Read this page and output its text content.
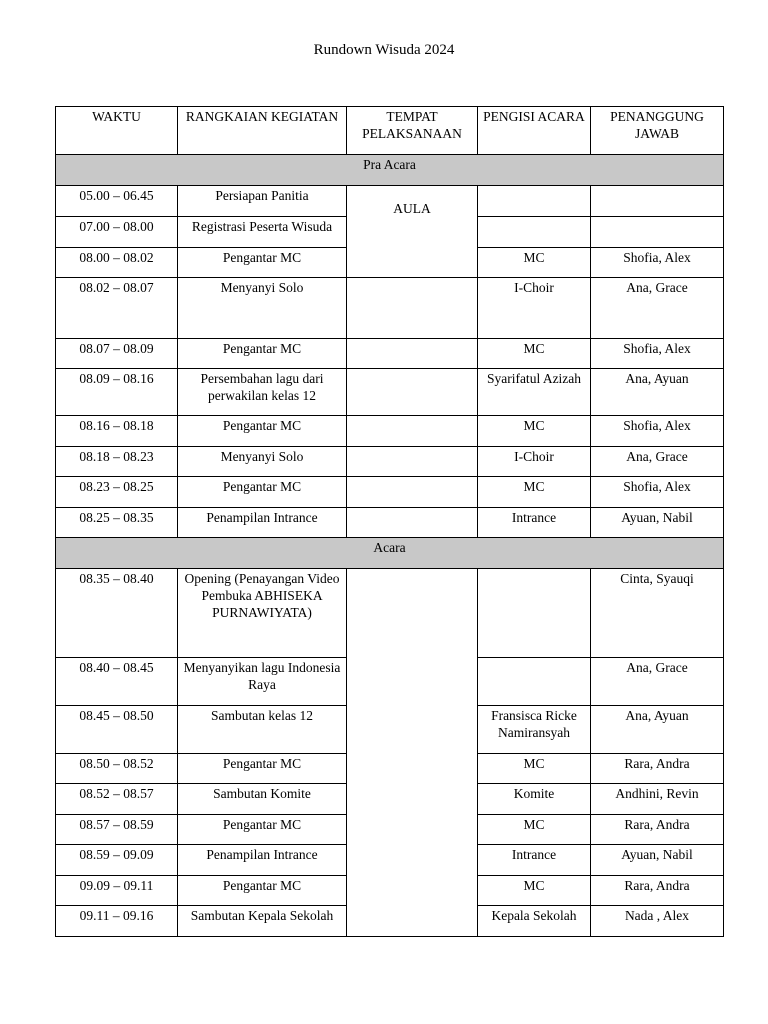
Rundown Wisuda 2024
WAKTU	RANGKAIAN KEGIATAN	TEMPAT PELAKSANAAN	PENGISI ACARA	PENANGGUNG JAWAB
Pra Acara				
05.00 – 06.45	Persiapan Panitia	AULA		
07.00 – 08.00	Registrasi Peserta Wisuda			
08.00 – 08.02	Pengantar MC		MC	Shofia, Alex
08.02 – 08.07	Menyanyi Solo		I-Choir	Ana, Grace
08.07 – 08.09	Pengantar MC		MC	Shofia, Alex
08.09 – 08.16	Persembahan lagu dari perwakilan kelas 12		Syarifatul Azizah	Ana, Ayuan
08.16 – 08.18	Pengantar MC		MC	Shofia, Alex
08.18 – 08.23	Menyanyi Solo		I-Choir	Ana, Grace
08.23 – 08.25	Pengantar MC		MC	Shofia, Alex
08.25 – 08.35	Penampilan Intrance		Intrance	Ayuan, Nabil
Acara				
08.35 – 08.40	Opening (Penayangan Video Pembuka ABHISEKA PURNAWIYATA)			Cinta, Syauqi
08.40 – 08.45	Menyanyikan lagu Indonesia Raya			Ana, Grace
08.45 – 08.50	Sambutan kelas 12		Fransisca Ricke Namiransyah	Ana, Ayuan
08.50 – 08.52	Pengantar MC		MC	Rara, Andra
08.52 – 08.57	Sambutan Komite		Komite	Andhini, Revin
08.57 – 08.59	Pengantar MC		MC	Rara, Andra
08.59 – 09.09	Penampilan Intrance		Intrance	Ayuan, Nabil
09.09 – 09.11	Pengantar MC		MC	Rara, Andra
09.11 – 09.16	Sambutan Kepala Sekolah		Kepala Sekolah	Nada , Alex
